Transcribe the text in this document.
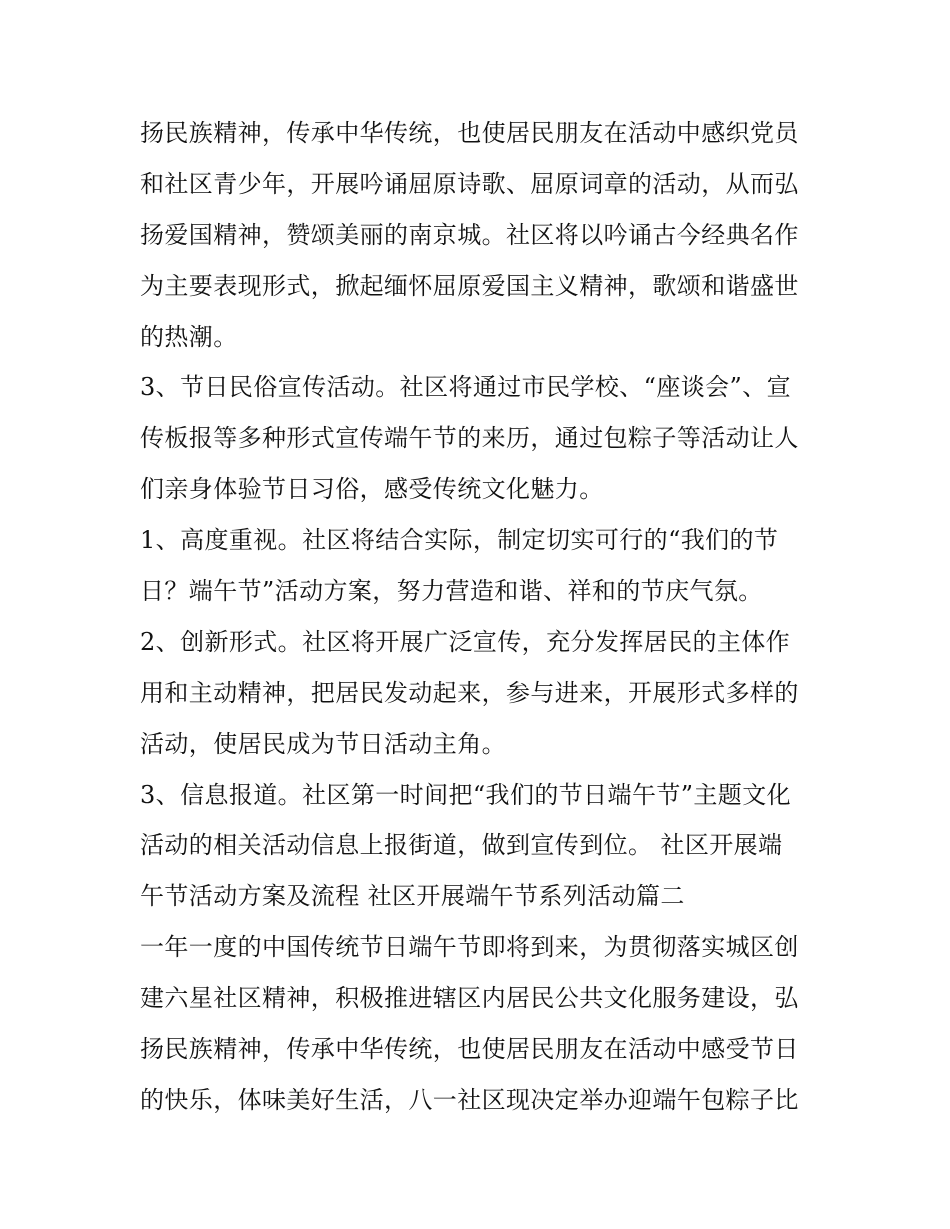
扬民族精神，传承中华传统，也使居民朋友在活动中感织党员
和社区青少年，开展吟诵屈原诗歌、屈原词章的活动，从而弘
扬爱国精神，赞颂美丽的南京城。社区将以吟诵古今经典名作
为主要表现形式，掀起缅怀屈原爱国主义精神，歌颂和谐盛世
的热潮。
3、节日民俗宣传活动。社区将通过市民学校、“座谈会”、宣
传板报等多种形式宣传端午节的来历，通过包粽子等活动让人
们亲身体验节日习俗，感受传统文化魅力。
1、高度重视。社区将结合实际，制定切实可行的“我们的节
日？端午节”活动方案，努力营造和谐、祥和的节庆气氛。
2、创新形式。社区将开展广泛宣传，充分发挥居民的主体作
用和主动精神，把居民发动起来，参与进来，开展形式多样的
活动，使居民成为节日活动主角。
3、信息报道。社区第一时间把“我们的节日端午节”主题文化
活动的相关活动信息上报街道，做到宣传到位。 社区开展端
午节活动方案及流程 社区开展端午节系列活动篇二
一年一度的中国传统节日端午节即将到来，为贯彻落实城区创
建六星社区精神，积极推进辖区内居民公共文化服务建设，弘
扬民族精神，传承中华传统，也使居民朋友在活动中感受节日
的快乐，体味美好生活，八一社区现决定举办迎端午包粽子比
